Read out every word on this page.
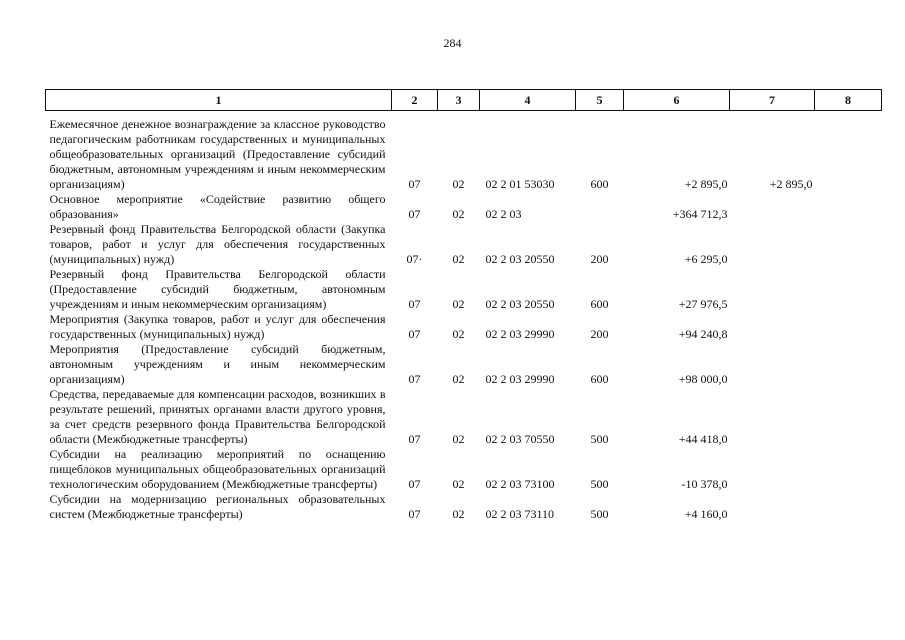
284
1	2	3	4	5	6	7	8

Ежемесячное денежное вознаграждение за классное руководство педагогическим работникам государственных и муниципальных общеобразовательных организаций (Предоставление субсидий бюджетным, автономным учреждениям и иным некоммерческим организациям)	07	02	02 2 01 53030	600	+2 895,0	+2 895,0	
Основное мероприятие «Содействие развитию общего образования»	07	02	02 2 03		+364 712,3		
Резервный фонд Правительства Белгородской области (Закупка товаров, работ и услуг для обеспечения государственных (муниципальных) нужд)	07·	02	02 2 03 20550	200	+6 295,0		
Резервный фонд Правительства Белгородской области (Предоставление субсидий бюджетным, автономным учреждениям и иным некоммерческим организациям)	07	02	02 2 03 20550	600	+27 976,5		
Мероприятия (Закупка товаров, работ и услуг для обеспечения государственных (муниципальных) нужд)	07	02	02 2 03 29990	200	+94 240,8		
Мероприятия (Предоставление субсидий бюджетным, автономным учреждениям и иным некоммерческим организациям)	07	02	02 2 03 29990	600	+98 000,0		
Средства, передаваемые для компенсации расходов, возникших в результате решений, принятых органами власти другого уровня, за счет средств резервного фонда Правительства Белгородской области (Межбюджетные трансферты)	07	02	02 2 03 70550	500	+44 418,0		
Субсидии на реализацию мероприятий по оснащению пищеблоков муниципальных общеобразовательных организаций технологическим оборудованием (Межбюджетные трансферты)	07	02	02 2 03 73100	500	-10 378,0		
Субсидии на модернизацию региональных образовательных систем (Межбюджетные трансферты)	07	02	02 2 03 73110	500	+4 160,0		
